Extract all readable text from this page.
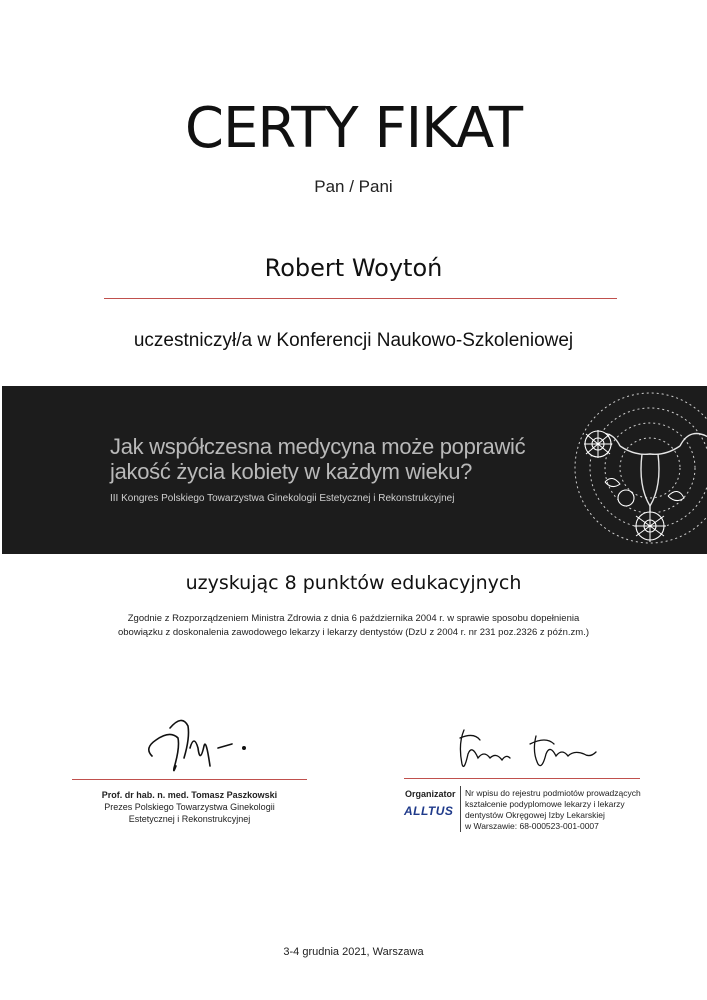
CERTY FIKAT
Pan / Pani
Robert Woytoń
uczestniczył/a w Konferencji Naukowo-Szkoleniowej
Jak współczesna medycyna może poprawić
jakość życia kobiety w każdym wieku?
III Kongres Polskiego Towarzystwa Ginekologii Estetycznej i Rekonstrukcyjnej
uzyskując 8 punktów edukacyjnych
Zgodnie z Rozporządzeniem Ministra Zdrowia z dnia 6 października 2004 r. w sprawie sposobu dopełnienia
obowiązku z doskonalenia zawodowego lekarzy i lekarzy dentystów (DzU z 2004 r. nr 231 poz.2326 z późn.zm.)
Prof. dr hab. n. med. Tomasz Paszkowski
Prezes Polskiego Towarzystwa Ginekologii
Estetycznej i Rekonstrukcyjnej
Organizator
ALLTUS
Nr wpisu do rejestru podmiotów prowadzących
kształcenie podyplomowe lekarzy i lekarzy
dentystów Okręgowej Izby Lekarskiej
w Warszawie: 68-000523-001-0007
3-4 grudnia 2021, Warszawa
